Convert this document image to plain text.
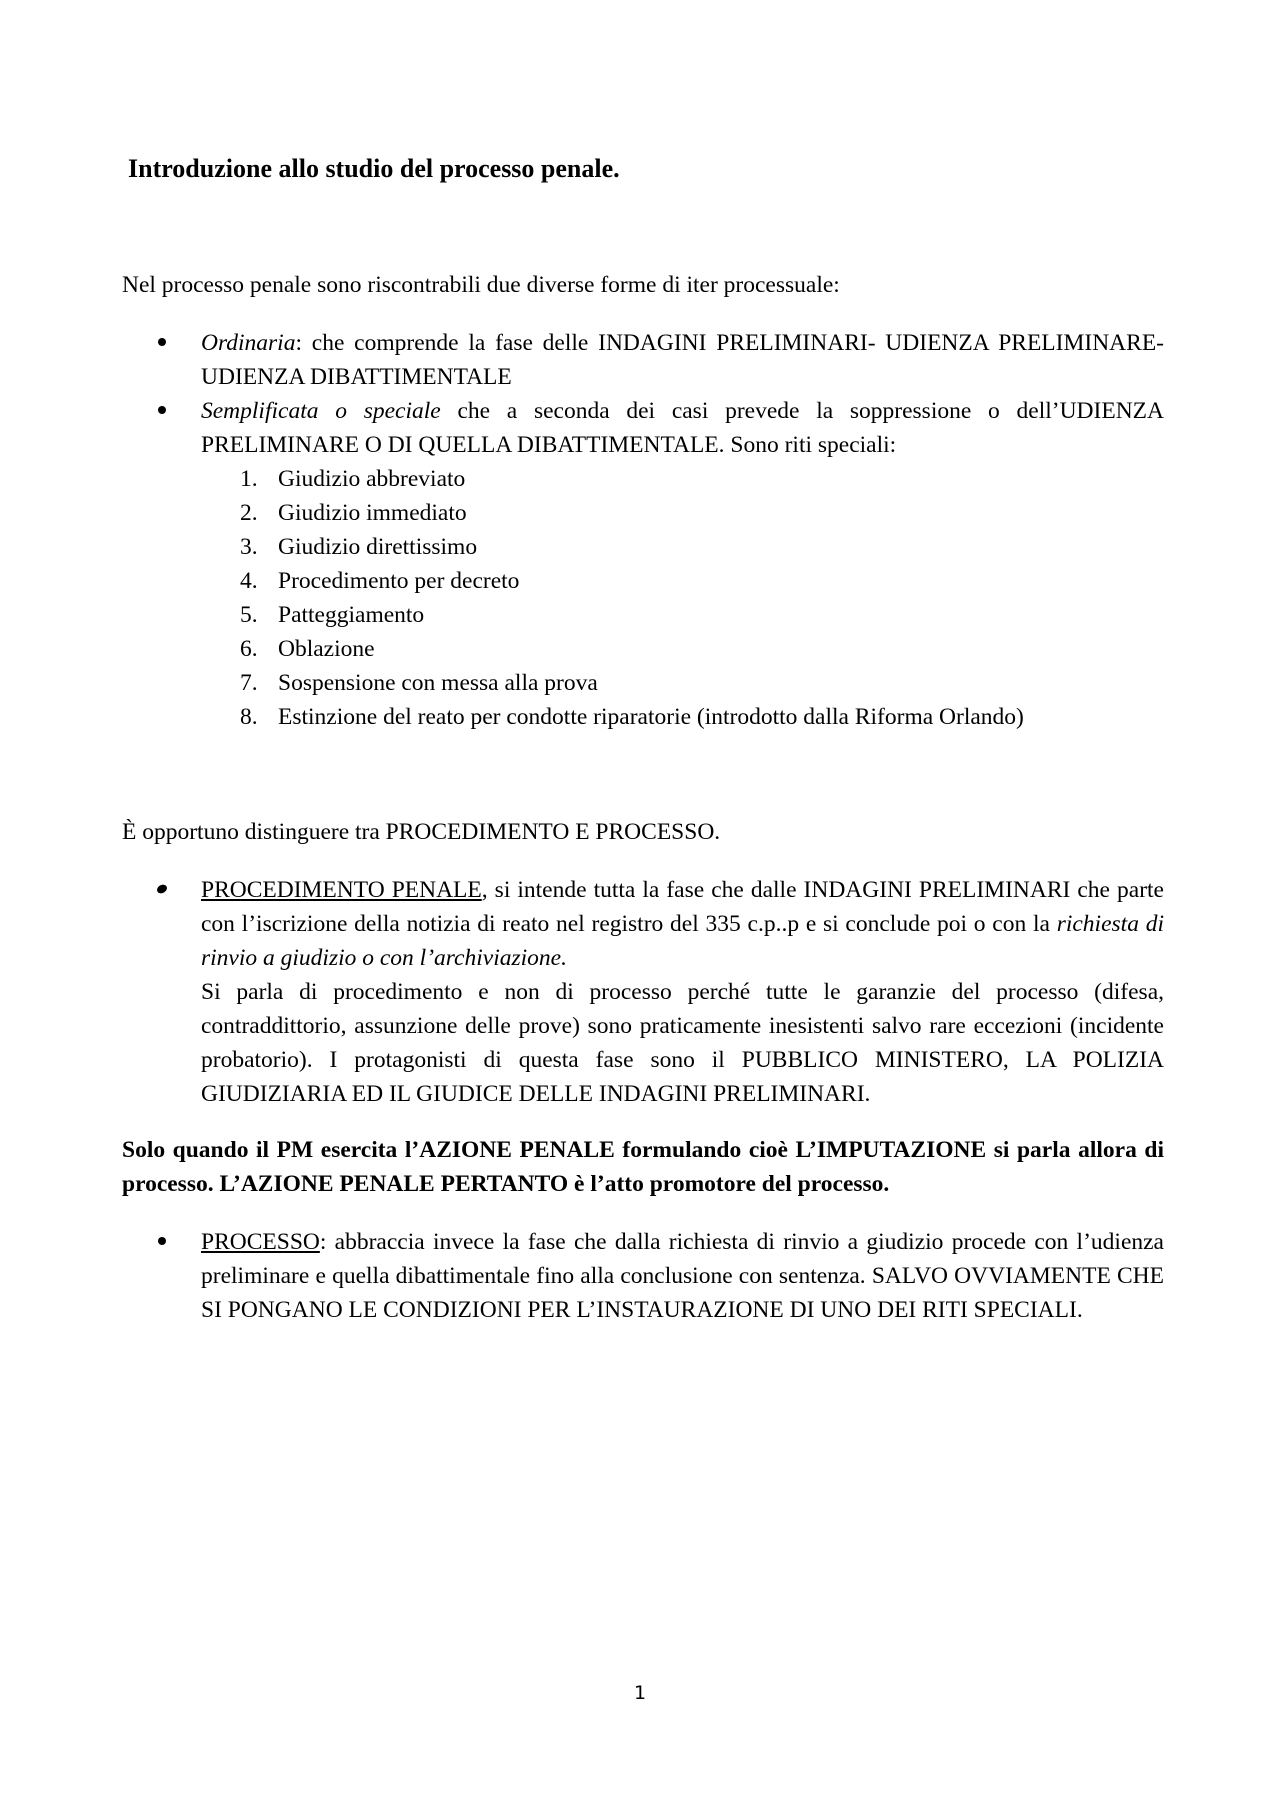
Introduzione allo studio del processo penale.

Nel processo penale sono riscontrabili due diverse forme di iter processuale:

Ordinaria: che comprende la fase delle INDAGINI PRELIMINARI- UDIENZA PRELIMINARE-UDIENZA DIBATTIMENTALE
Semplificata o speciale che a seconda dei casi prevede la soppressione o dell’UDIENZA PRELIMINARE O DI QUELLA DIBATTIMENTALE. Sono riti speciali:
1. Giudizio abbreviato
2. Giudizio immediato
3. Giudizio direttissimo
4. Procedimento per decreto
5. Patteggiamento
6. Oblazione
7. Sospensione con messa alla prova
8. Estinzione del reato per condotte riparatorie (introdotto dalla Riforma Orlando)

È opportuno distinguere tra PROCEDIMENTO E PROCESSO.

PROCEDIMENTO PENALE, si intende tutta la fase che dalle INDAGINI PRELIMINARI che parte con l’iscrizione della notizia di reato nel registro del 335 c.p..p e si conclude poi o con la richiesta di rinvio a giudizio o con l’archiviazione.
Si parla di procedimento e non di processo perché tutte le garanzie del processo (difesa, contraddittorio, assunzione delle prove) sono praticamente inesistenti salvo rare eccezioni (incidente probatorio). I protagonisti di questa fase sono il PUBBLICO MINISTERO, LA POLIZIA GIUDIZIARIA ED IL GIUDICE DELLE INDAGINI PRELIMINARI.

Solo quando il PM esercita l’AZIONE PENALE formulando cioè L’IMPUTAZIONE si parla allora di processo. L’AZIONE PENALE PERTANTO è l’atto promotore del processo.

PROCESSO: abbraccia invece la fase che dalla richiesta di rinvio a giudizio procede con l’udienza preliminare e quella dibattimentale fino alla conclusione con sentenza. SALVO OVVIAMENTE CHE SI PONGANO LE CONDIZIONI PER L’INSTAURAZIONE DI UNO DEI RITI SPECIALI.
1
